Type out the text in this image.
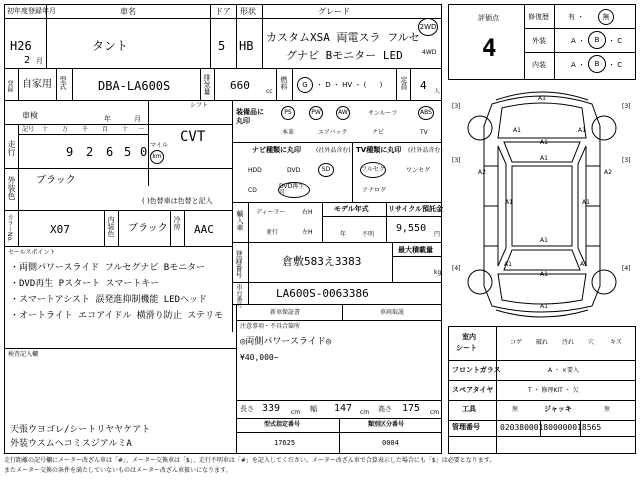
初年度登録年月
H26
2 月
車名
タント
ドア
5
形状
HB
グレード
カスタムXSA 両電スラ フルセ
グナビ Bモニター LED
2WD
4WD
登録 自家用 型式	DBA-LA600S	排気量 660	cc
燃料 G ・ D ・ HV ・ (      )	定員 4 人
車検	年	月
シフト
CVT
走行
記号 十 万 千 百 十 一
9 2 6 5 0 マイル
km
外装色 ブラック
( )色替車は色替と記入
カラーNo.	X07	内装色 ブラック 冷房 AAC
セールスポイント
・両側パワースライド フルセグナビ Bモニター
・DVD再生 Pスタート スマートキー
・スマートアシスト 誤発進抑制機能 LEDヘッド
・オートライト エコアイドル 横滑り防止 ステリモ
検査記入欄
天張ウヨゴレ/シートリヤヤケアト
外装ウスムへコミスジアルミA
装備品に丸印
PS	PW	AW	サンルーフ	ABS
本革	エアバック	ナビ	TV
ナビ種類に丸印	(社外品含む)
HDD	DVD	SD
CD
DVD再生可
TV種類に丸印 (社外品含む)
フルセグ	ワンセグ
アナログ
輸入車 ディーラー
並行
右H
左H
モデル年式
年	不明
リサイクル預託金
9,550
円
登録番号	倉敷583え3383
最大積載量
kg
車台番号	LA600S-0063386
新車保証書	車両取説
注意事項・不具合箇所
◎両側パワースライド◎
¥40,000−
長さ 339 cm 幅 147 cm 高さ 175 cm
型式指定番号
17625
類別区分番号
0004
評価点
4
修復歴	有 ・	無
外装	A ・ B ・ C
内装	A ・ B ・ C
A1
A1	A1
A1
A1
A2	A2
A1	A1
A1
A1	A1
A1
A1
[3]
[3]
[4]
[3]
[3]
[4]
室内
シート
コゲ 破れ 汚れ 穴	キズ
フロントガラス	A ・ ×要入
スペアタイヤ	T ・ 修理KIT ・ 欠
工具	無	ジャッキ	無
管理番号	020380001800000018565
走行距離の記号欄にメーター改ざん車は「#」、メーター交換車は「$」、走行不明車は「#」を記入してください。メーター改ざん車で合算表示した場合にも「$」は必要となります。
またメーター交換の条件を満たしていないものはメーター改ざん車扱いになります。
